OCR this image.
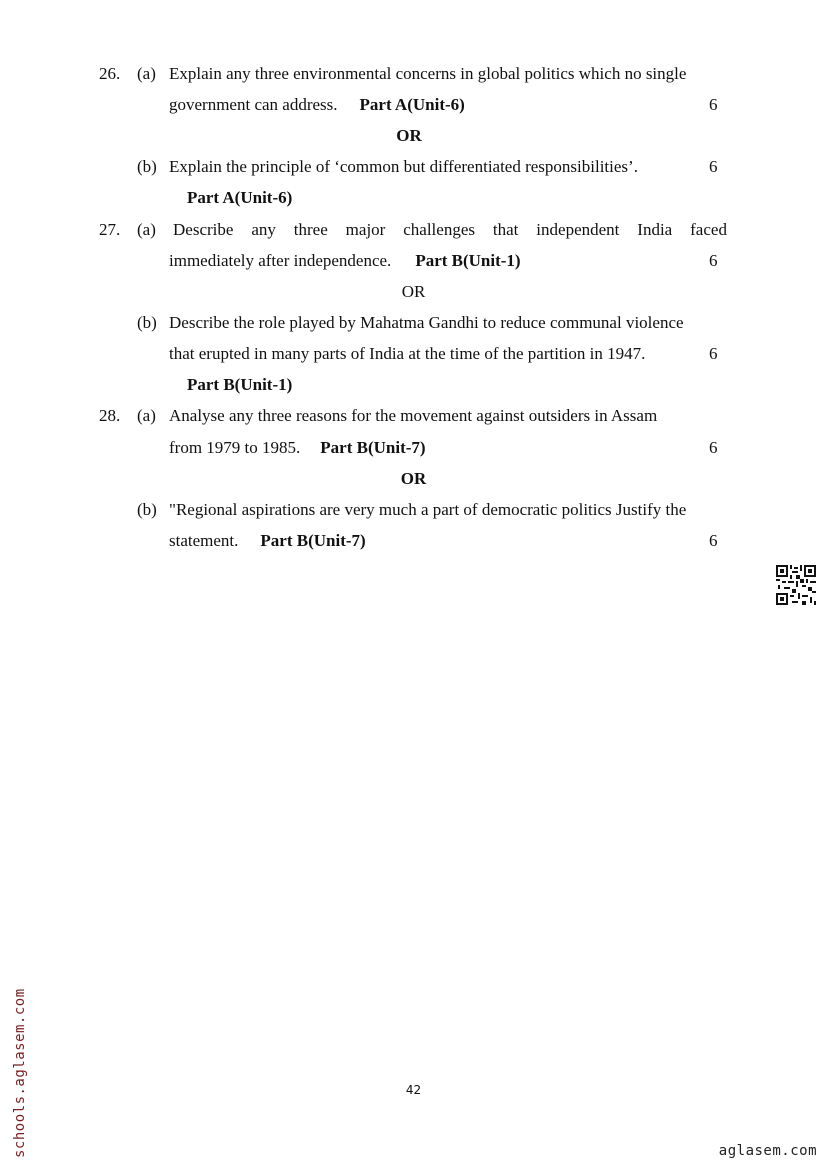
26. (a) Explain any three environmental concerns in global politics which no single
government can address. Part A(Unit-6)	6
OR
(b) Explain the principle of ‘common but differentiated responsibilities’.	6
Part A(Unit-6)
27. (a) Describe any three major challenges that independent India faced
immediately after independence. Part B(Unit-1)	6
OR
(b) Describe the role played by Mahatma Gandhi to reduce communal violence
that erupted in many parts of India at the time of the partition in 1947.	6
Part B(Unit-1)
28. (a) Analyse any three reasons for the movement against outsiders in Assam
from 1979 to 1985. Part B(Unit-7)	6
OR
(b) "Regional aspirations are very much a part of democratic politics Justify the
statement. Part B(Unit-7)	6
42
schools.aglasem.com	aglasem.com
